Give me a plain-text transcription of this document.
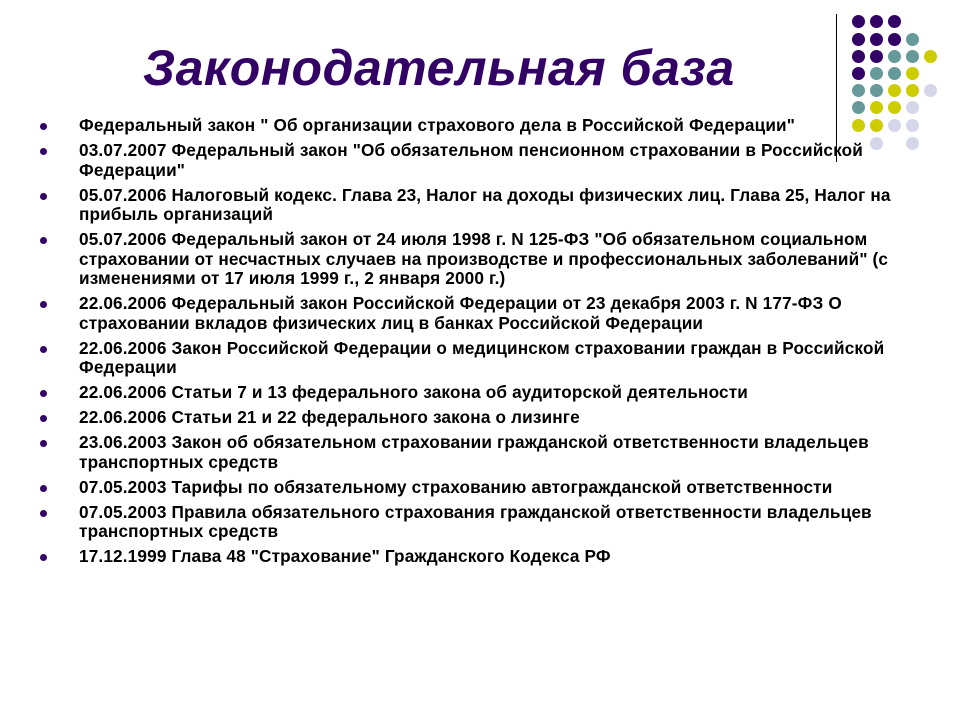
Законодательная база
Федеральный закон " Об организации страхового дела в Российской Федерации"
03.07.2007 Федеральный закон "Об обязательном пенсионном страховании в Российской Федерации"
05.07.2006 Налоговый кодекс. Глава 23, Налог на доходы физических лиц. Глава 25, Налог на прибыль организаций
05.07.2006 Федеральный закон от 24 июля 1998 г. N 125-ФЗ "Об обязательном социальном страховании от несчастных случаев на производстве и профессиональных заболеваний" (с изменениями от 17 июля 1999 г., 2 января 2000 г.)
22.06.2006 Федеральный закон Российской Федерации от 23 декабря 2003 г. N 177-ФЗ О страховании вкладов физических лиц в банках Российской Федерации
22.06.2006 Закон Российской Федерации о медицинском страховании граждан в Российской Федерации
22.06.2006 Статьи 7 и 13 федерального закона об аудиторской деятельности
22.06.2006 Статьи 21 и 22 федерального закона о лизинге
23.06.2003 Закон об обязательном страховании гражданской ответственности владельцев транспортных средств
07.05.2003 Тарифы по обязательному страхованию автогражданской ответственности
07.05.2003 Правила обязательного страхования гражданской ответственности владельцев транспортных средств
17.12.1999 Глава 48 "Страхование" Гражданского Кодекса РФ
